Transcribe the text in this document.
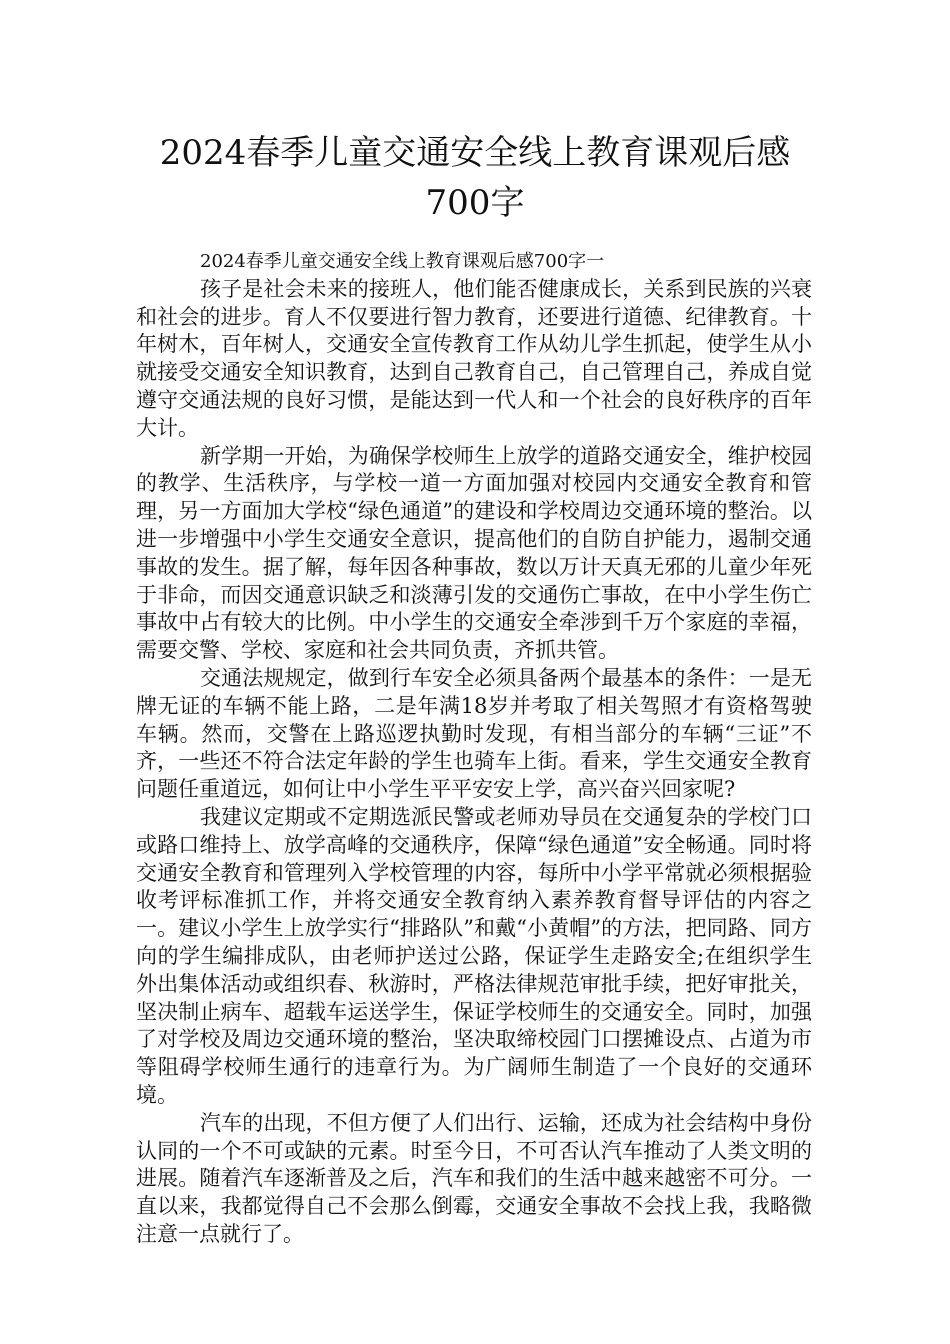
2024春季儿童交通安全线上教育课观后感700字

2024春季儿童交通安全线上教育课观后感700字一

孩子是社会未来的接班人，他们能否健康成长，关系到民族的兴衰和社会的进步。育人不仅要进行智力教育，还要进行道德、纪律教育。十年树木，百年树人，交通安全宣传教育工作从幼儿学生抓起，使学生从小就接受交通安全知识教育，达到自己教育自己，自己管理自己，养成自觉遵守交通法规的良好习惯，是能达到一代人和一个社会的良好秩序的百年大计。

新学期一开始，为确保学校师生上放学的道路交通安全，维护校园的教学、生活秩序，与学校一道一方面加强对校园内交通安全教育和管理，另一方面加大学校“绿色通道”的建设和学校周边交通环境的整治。以进一步增强中小学生交通安全意识，提高他们的自防自护能力，遏制交通事故的发生。据了解，每年因各种事故，数以万计天真无邪的儿童少年死于非命，而因交通意识缺乏和淡薄引发的交通伤亡事故，在中小学生伤亡事故中占有较大的比例。中小学生的交通安全牵涉到千万个家庭的幸福，需要交警、学校、家庭和社会共同负责，齐抓共管。

交通法规规定，做到行车安全必须具备两个最基本的条件：一是无牌无证的车辆不能上路，二是年满18岁并考取了相关驾照才有资格驾驶车辆。然而，交警在上路巡逻执勤时发现，有相当部分的车辆“三证”不齐，一些还不符合法定年龄的学生也骑车上街。看来，学生交通安全教育问题任重道远，如何让中小学生平平安安上学，高兴奋兴回家呢?

我建议定期或不定期选派民警或老师劝导员在交通复杂的学校门口或路口维持上、放学高峰的交通秩序，保障“绿色通道”安全畅通。同时将交通安全教育和管理列入学校管理的内容，每所中小学平常就必须根据验收考评标准抓工作，并将交通安全教育纳入素养教育督导评估的内容之一。建议小学生上放学实行“排路队”和戴“小黄帽”的方法，把同路、同方向的学生编排成队，由老师护送过公路，保证学生走路安全;在组织学生外出集体活动或组织春、秋游时，严格法律规范审批手续，把好审批关，坚决制止病车、超载车运送学生，保证学校师生的交通安全。同时，加强了对学校及周边交通环境的整治，坚决取缔校园门口摆摊设点、占道为市等阻碍学校师生通行的违章行为。为广阔师生制造了一个良好的交通环境。

汽车的出现，不但方便了人们出行、运输，还成为社会结构中身份认同的一个不可或缺的元素。时至今日，不可否认汽车推动了人类文明的进展。随着汽车逐渐普及之后，汽车和我们的生活中越来越密不可分。一直以来，我都觉得自己不会那么倒霉，交通安全事故不会找上我，我略微注意一点就行了。
